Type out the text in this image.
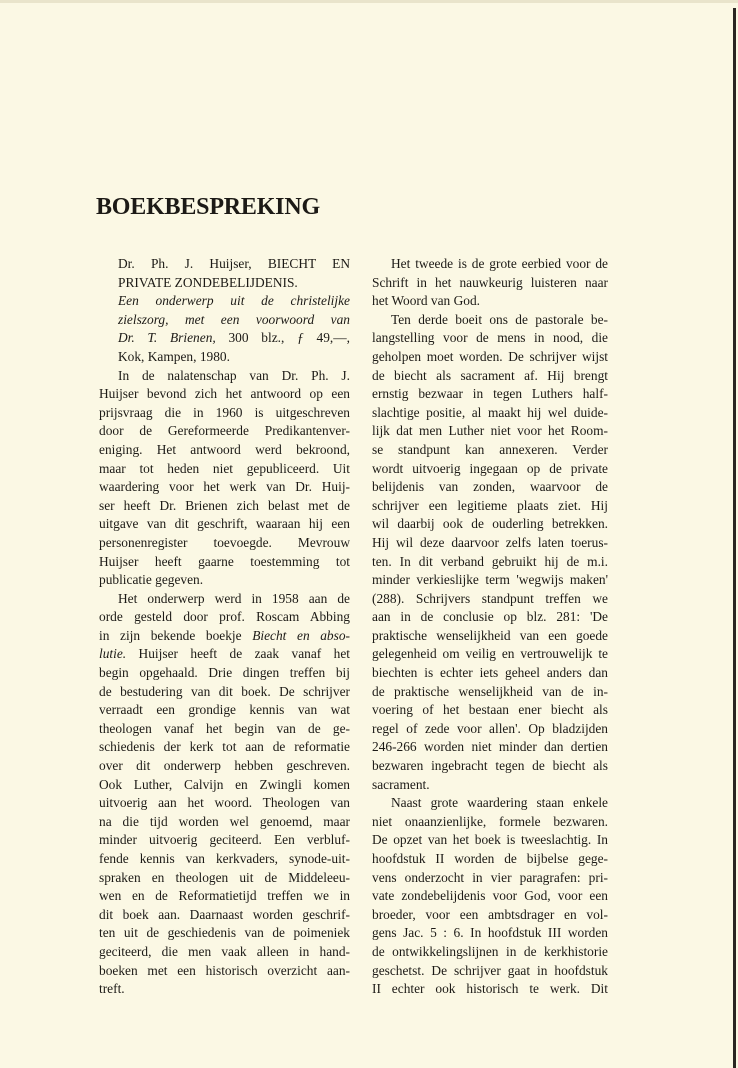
BOEKBESPREKING
Dr. Ph. J. Huijser, BIECHT EN
PRIVATE ZONDEBELIJDENIS.
Een onderwerp uit de christelijke
zielszorg, met een voorwoord van
Dr. T. Brienen, 300 blz., ƒ 49,—,
Kok, Kampen, 1980.
In de nalatenschap van Dr. Ph. J.
Huijser bevond zich het antwoord op een
prijsvraag die in 1960 is uitgeschreven
door de Gereformeerde Predikantenver-
eniging. Het antwoord werd bekroond,
maar tot heden niet gepubliceerd. Uit
waardering voor het werk van Dr. Huij-
ser heeft Dr. Brienen zich belast met de
uitgave van dit geschrift, waaraan hij een
personenregister toevoegde. Mevrouw
Huijser heeft gaarne toestemming tot
publicatie gegeven.
Het onderwerp werd in 1958 aan de
orde gesteld door prof. Roscam Abbing
in zijn bekende boekje Biecht en abso-
lutie. Huijser heeft de zaak vanaf het
begin opgehaald. Drie dingen treffen bij
de bestudering van dit boek. De schrijver
verraadt een grondige kennis van wat
theologen vanaf het begin van de ge-
schiedenis der kerk tot aan de reformatie
over dit onderwerp hebben geschreven.
Ook Luther, Calvijn en Zwingli komen
uitvoerig aan het woord. Theologen van
na die tijd worden wel genoemd, maar
minder uitvoerig geciteerd. Een verbluf-
fende kennis van kerkvaders, synode-uit-
spraken en theologen uit de Middeleeu-
wen en de Reformatietijd treffen we in
dit boek aan. Daarnaast worden geschrif-
ten uit de geschiedenis van de poimeniek
geciteerd, die men vaak alleen in hand-
boeken met een historisch overzicht aan-
treft.
Het tweede is de grote eerbied voor de
Schrift in het nauwkeurig luisteren naar
het Woord van God.
Ten derde boeit ons de pastorale be-
langstelling voor de mens in nood, die
geholpen moet worden. De schrijver wijst
de biecht als sacrament af. Hij brengt
ernstig bezwaar in tegen Luthers half-
slachtige positie, al maakt hij wel duide-
lijk dat men Luther niet voor het Room-
se standpunt kan annexeren. Verder
wordt uitvoerig ingegaan op de private
belijdenis van zonden, waarvoor de
schrijver een legitieme plaats ziet. Hij
wil daarbij ook de ouderling betrekken.
Hij wil deze daarvoor zelfs laten toerus-
ten. In dit verband gebruikt hij de m.i.
minder verkieslijke term 'wegwijs maken'
(288). Schrijvers standpunt treffen we
aan in de conclusie op blz. 281: 'De
praktische wenselijkheid van een goede
gelegenheid om veilig en vertrouwelijk te
biechten is echter iets geheel anders dan
de praktische wenselijkheid van de in-
voering of het bestaan ener biecht als
regel of zede voor allen'. Op bladzijden
246-266 worden niet minder dan dertien
bezwaren ingebracht tegen de biecht als
sacrament.
Naast grote waardering staan enkele
niet onaanzienlijke, formele bezwaren.
De opzet van het boek is tweeslachtig. In
hoofdstuk II worden de bijbelse gege-
vens onderzocht in vier paragrafen: pri-
vate zondebelijdenis voor God, voor een
broeder, voor een ambtsdrager en vol-
gens Jac. 5 : 6. In hoofdstuk III worden
de ontwikkelingslijnen in de kerkhistorie
geschetst. De schrijver gaat in hoofdstuk
II echter ook historisch te werk. Dit
